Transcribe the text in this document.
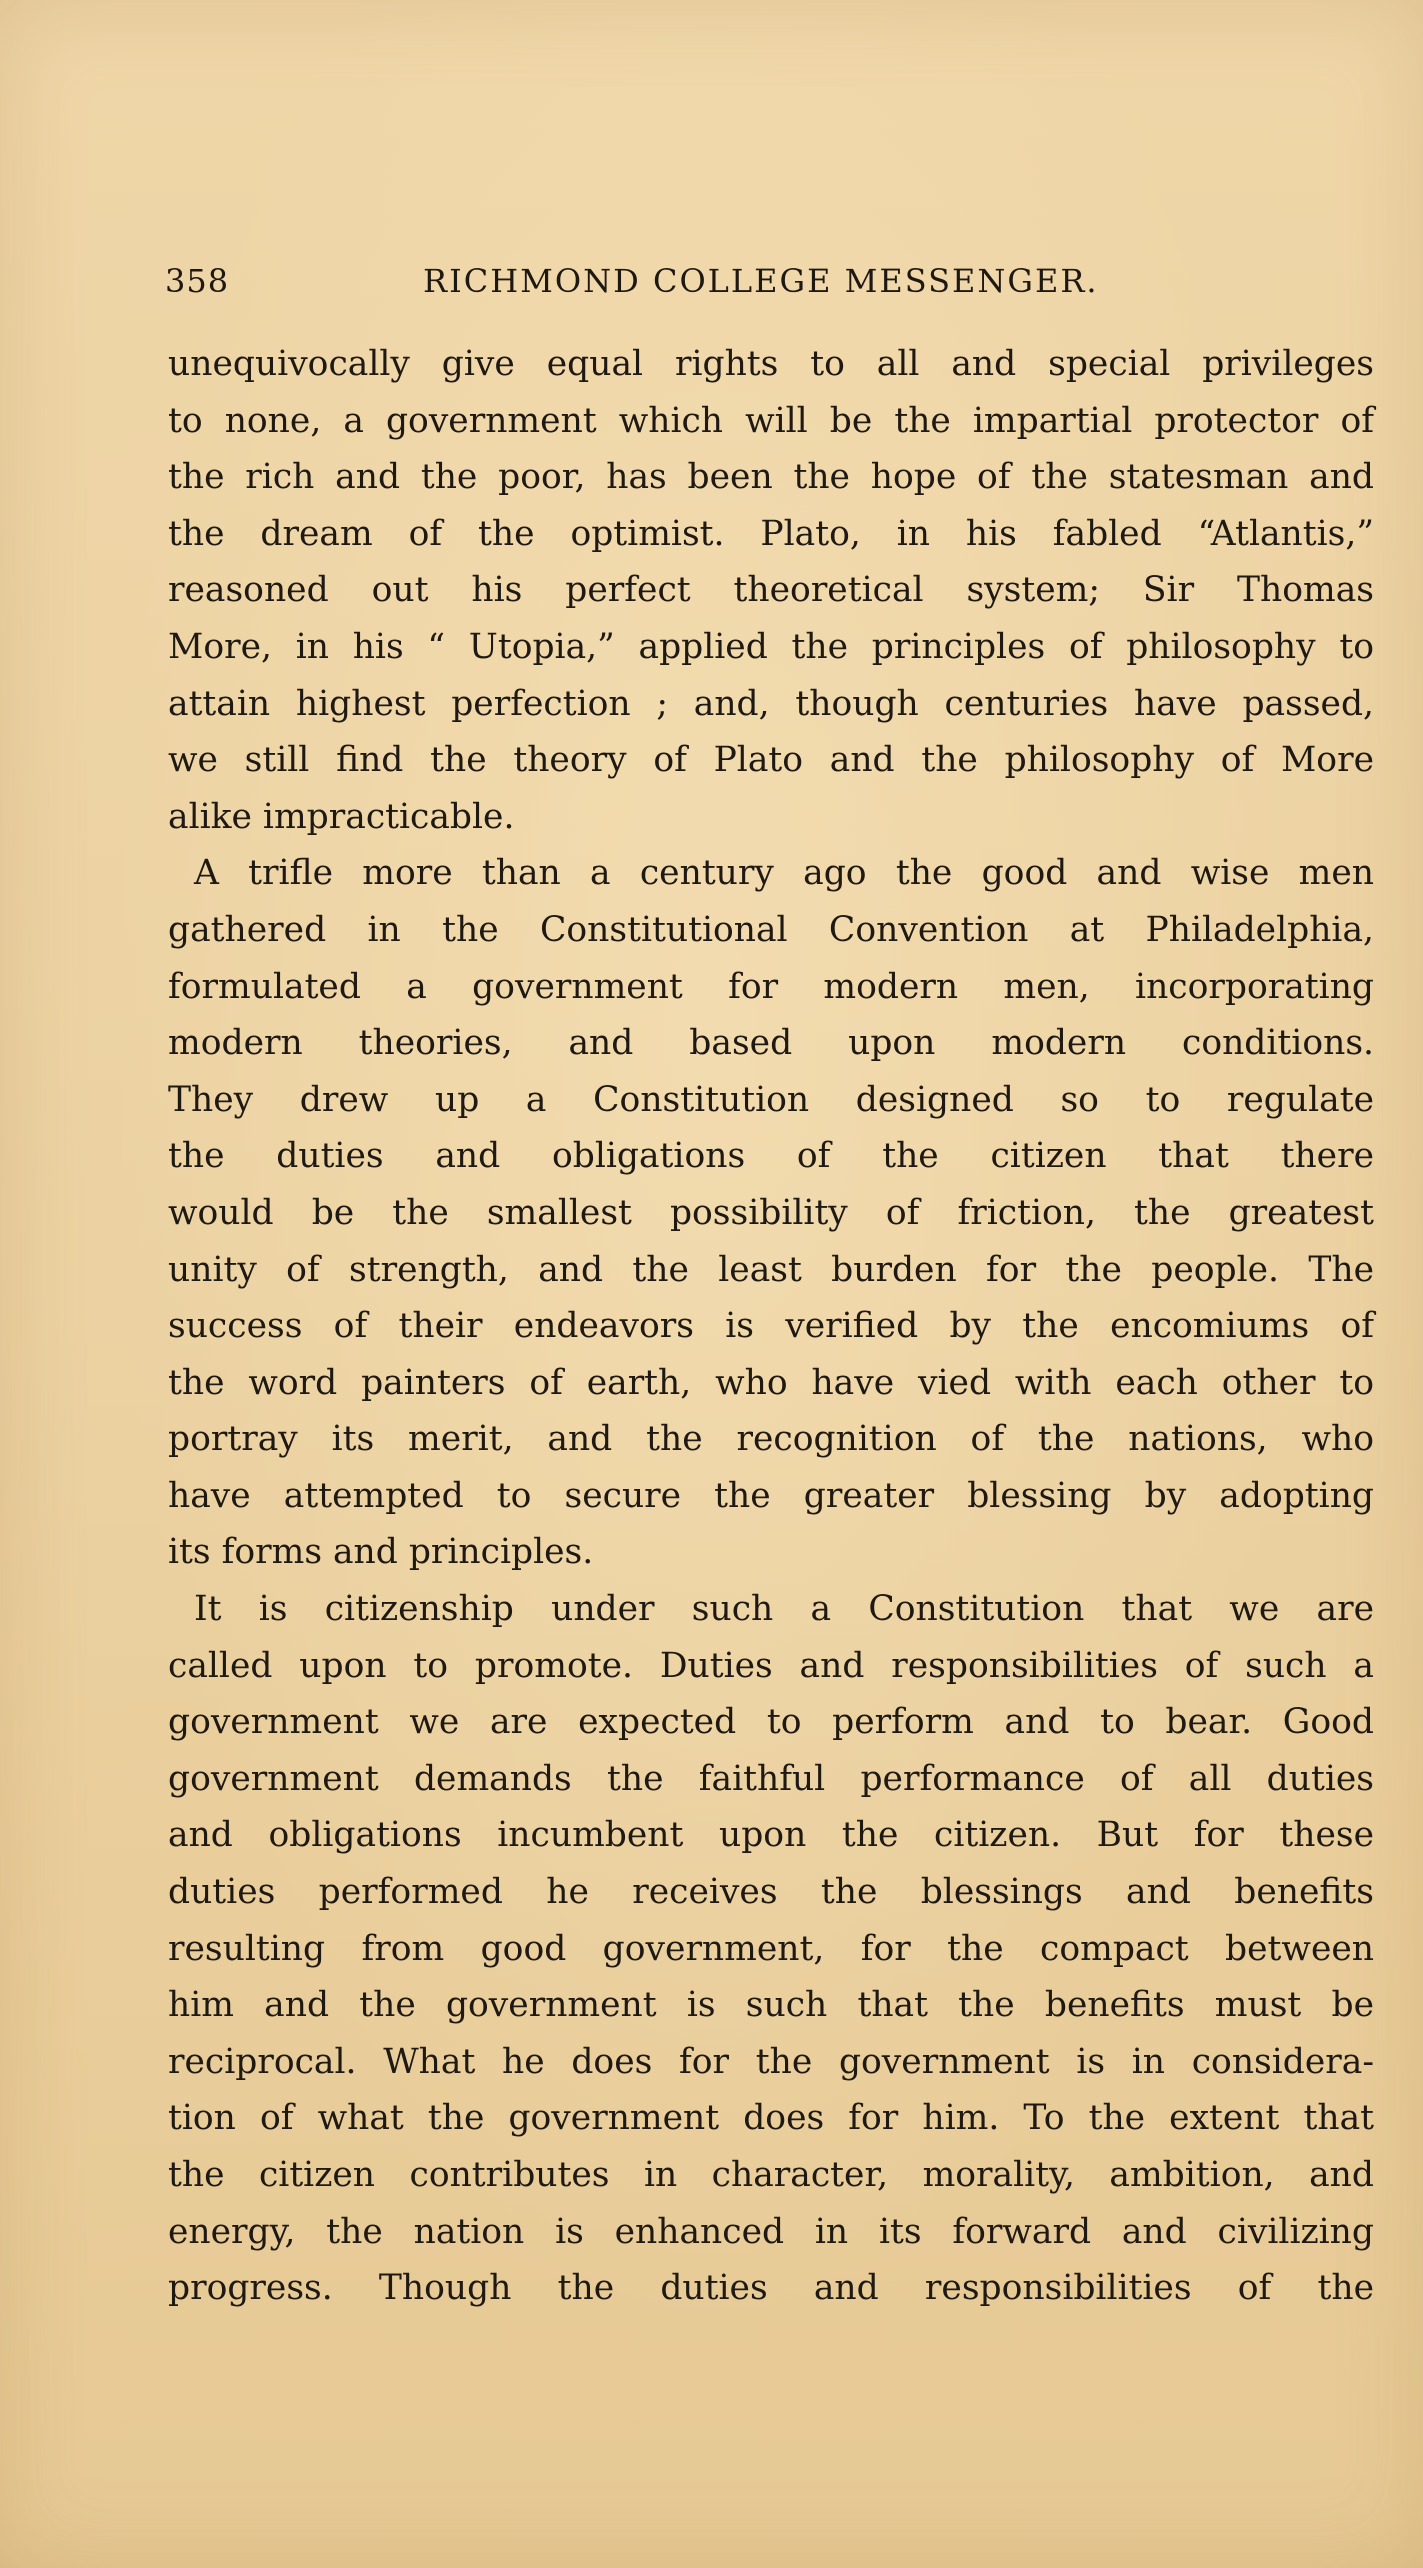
358	RICHMOND COLLEGE MESSENGER.
unequivocally give equal rights to all and special privileges
to none, a government which will be the impartial protector of
the rich and the poor, has been the hope of the statesman and
the dream of the optimist. Plato, in his fabled “Atlantis,”
reasoned out his perfect theoretical system; Sir Thomas
More, in his “ Utopia,” applied the principles of philosophy to
attain highest perfection ; and, though centuries have passed,
we still find the theory of Plato and the philosophy of More
alike impracticable.
A trifle more than a century ago the good and wise men
gathered in the Constitutional Convention at Philadelphia,
formulated a government for modern men, incorporating
modern theories, and based upon modern conditions.
They drew up a Constitution designed so to regulate
the duties and obligations of the citizen that there
would be the smallest possibility of friction, the greatest
unity of strength, and the least burden for the people. The
success of their endeavors is verified by the encomiums of
the word painters of earth, who have vied with each other to
portray its merit, and the recognition of the nations, who
have attempted to secure the greater blessing by adopting
its forms and principles.
It is citizenship under such a Constitution that we are
called upon to promote. Duties and responsibilities of such a
government we are expected to perform and to bear. Good
government demands the faithful performance of all duties
and obligations incumbent upon the citizen. But for these
duties performed he receives the blessings and benefits
resulting from good government, for the compact between
him and the government is such that the benefits must be
reciprocal. What he does for the government is in considera-
tion of what the government does for him. To the extent that
the citizen contributes in character, morality, ambition, and
energy, the nation is enhanced in its forward and civilizing
progress. Though the duties and responsibilities of the
